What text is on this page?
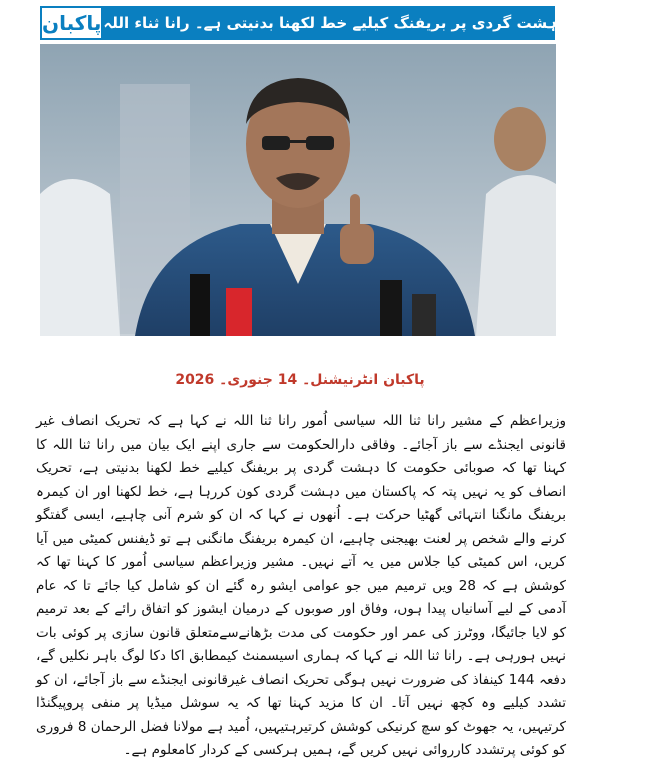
پاکبان حکومت کا دہشت گردی پر بریفنگ کیلیے خط لکھنا بدنیتی ہے۔ رانا ثناء اللہ
پاکبان انٹرنیشنل۔ 14 جنوری۔ 2026
وزیراعظم کے مشیر رانا ثنا اللہ سیاسی اُمور رانا ثنا اللہ نے کہا ہے کہ تحریک انصاف غیر قانونی ایجنڈے سے باز آجائے۔ وفاقی دارالحکومت سے جاری اپنے ایک بیان میں رانا ثنا اللہ کا کہنا تھا کہ صوبائی حکومت کا دہشت گردی پر بریفنگ کیلیے خط لکھنا بدنیتی ہے، تحریک انصاف کو یہ نہیں پتہ کہ پاکستان میں دہشت گردی کون کررہا ہے، خط لکھنا اور ان کیمرہ بریفنگ مانگنا انتہائی گھٹیا حرکت ہے۔ اُنھوں نے کہا کہ ان کو شرم آنی چاہیے، ایسی گفتگو کرنے والے شخص پر لعنت بھیجنی چاہیے، ان کیمرہ بریفنگ مانگنی ہے تو ڈیفنس کمیٹی میں آیا کریں، اس کمیٹی کیا جلاس میں یہ آتے نہیں۔ مشیر وزیراعظم سیاسی اُمور کا کہنا تھا کہ کوشش ہے کہ 28 ویں ترمیم میں جو عوامی ایشو رہ گئے ان کو شامل کیا جائے تا کہ عام آدمی کے لیے آسانیاں پیدا ہوں، وفاق اور صوبوں کے درمیان ایشوز کو اتفاق رائے کے بعد ترمیم کو لایا جائیگا، ووٹرز کی عمر اور حکومت کی مدت بڑھانےسےمتعلق قانون سازی پر کوئی بات نہیں ہورہی ہے۔ رانا ثنا اللہ نے کہا کہ ہماری اسیسمنٹ کیمطابق اکا دکا لوگ باہر نکلیں گے، دفعہ 144 کینفاذ کی ضرورت نہیں ہوگی تحریک انصاف غیرقانونی ایجنڈے سے باز آجائے، ان کو تشدد کیلیے وہ کچھ نہیں آتا۔ ان کا مزید کہنا تھا کہ یہ سوشل میڈیا پر منفی پروپیگنڈا کرتیہیں، یہ جھوٹ کو سچ کرنیکی کوشش کرتیرہتیہیں، اُمید ہے مولانا فضل الرحمان 8 فروری کو کوئی پرتشدد کارروائی نہیں کریں گے، ہمیں ہرکسی کے کردار کامعلوم ہے۔
